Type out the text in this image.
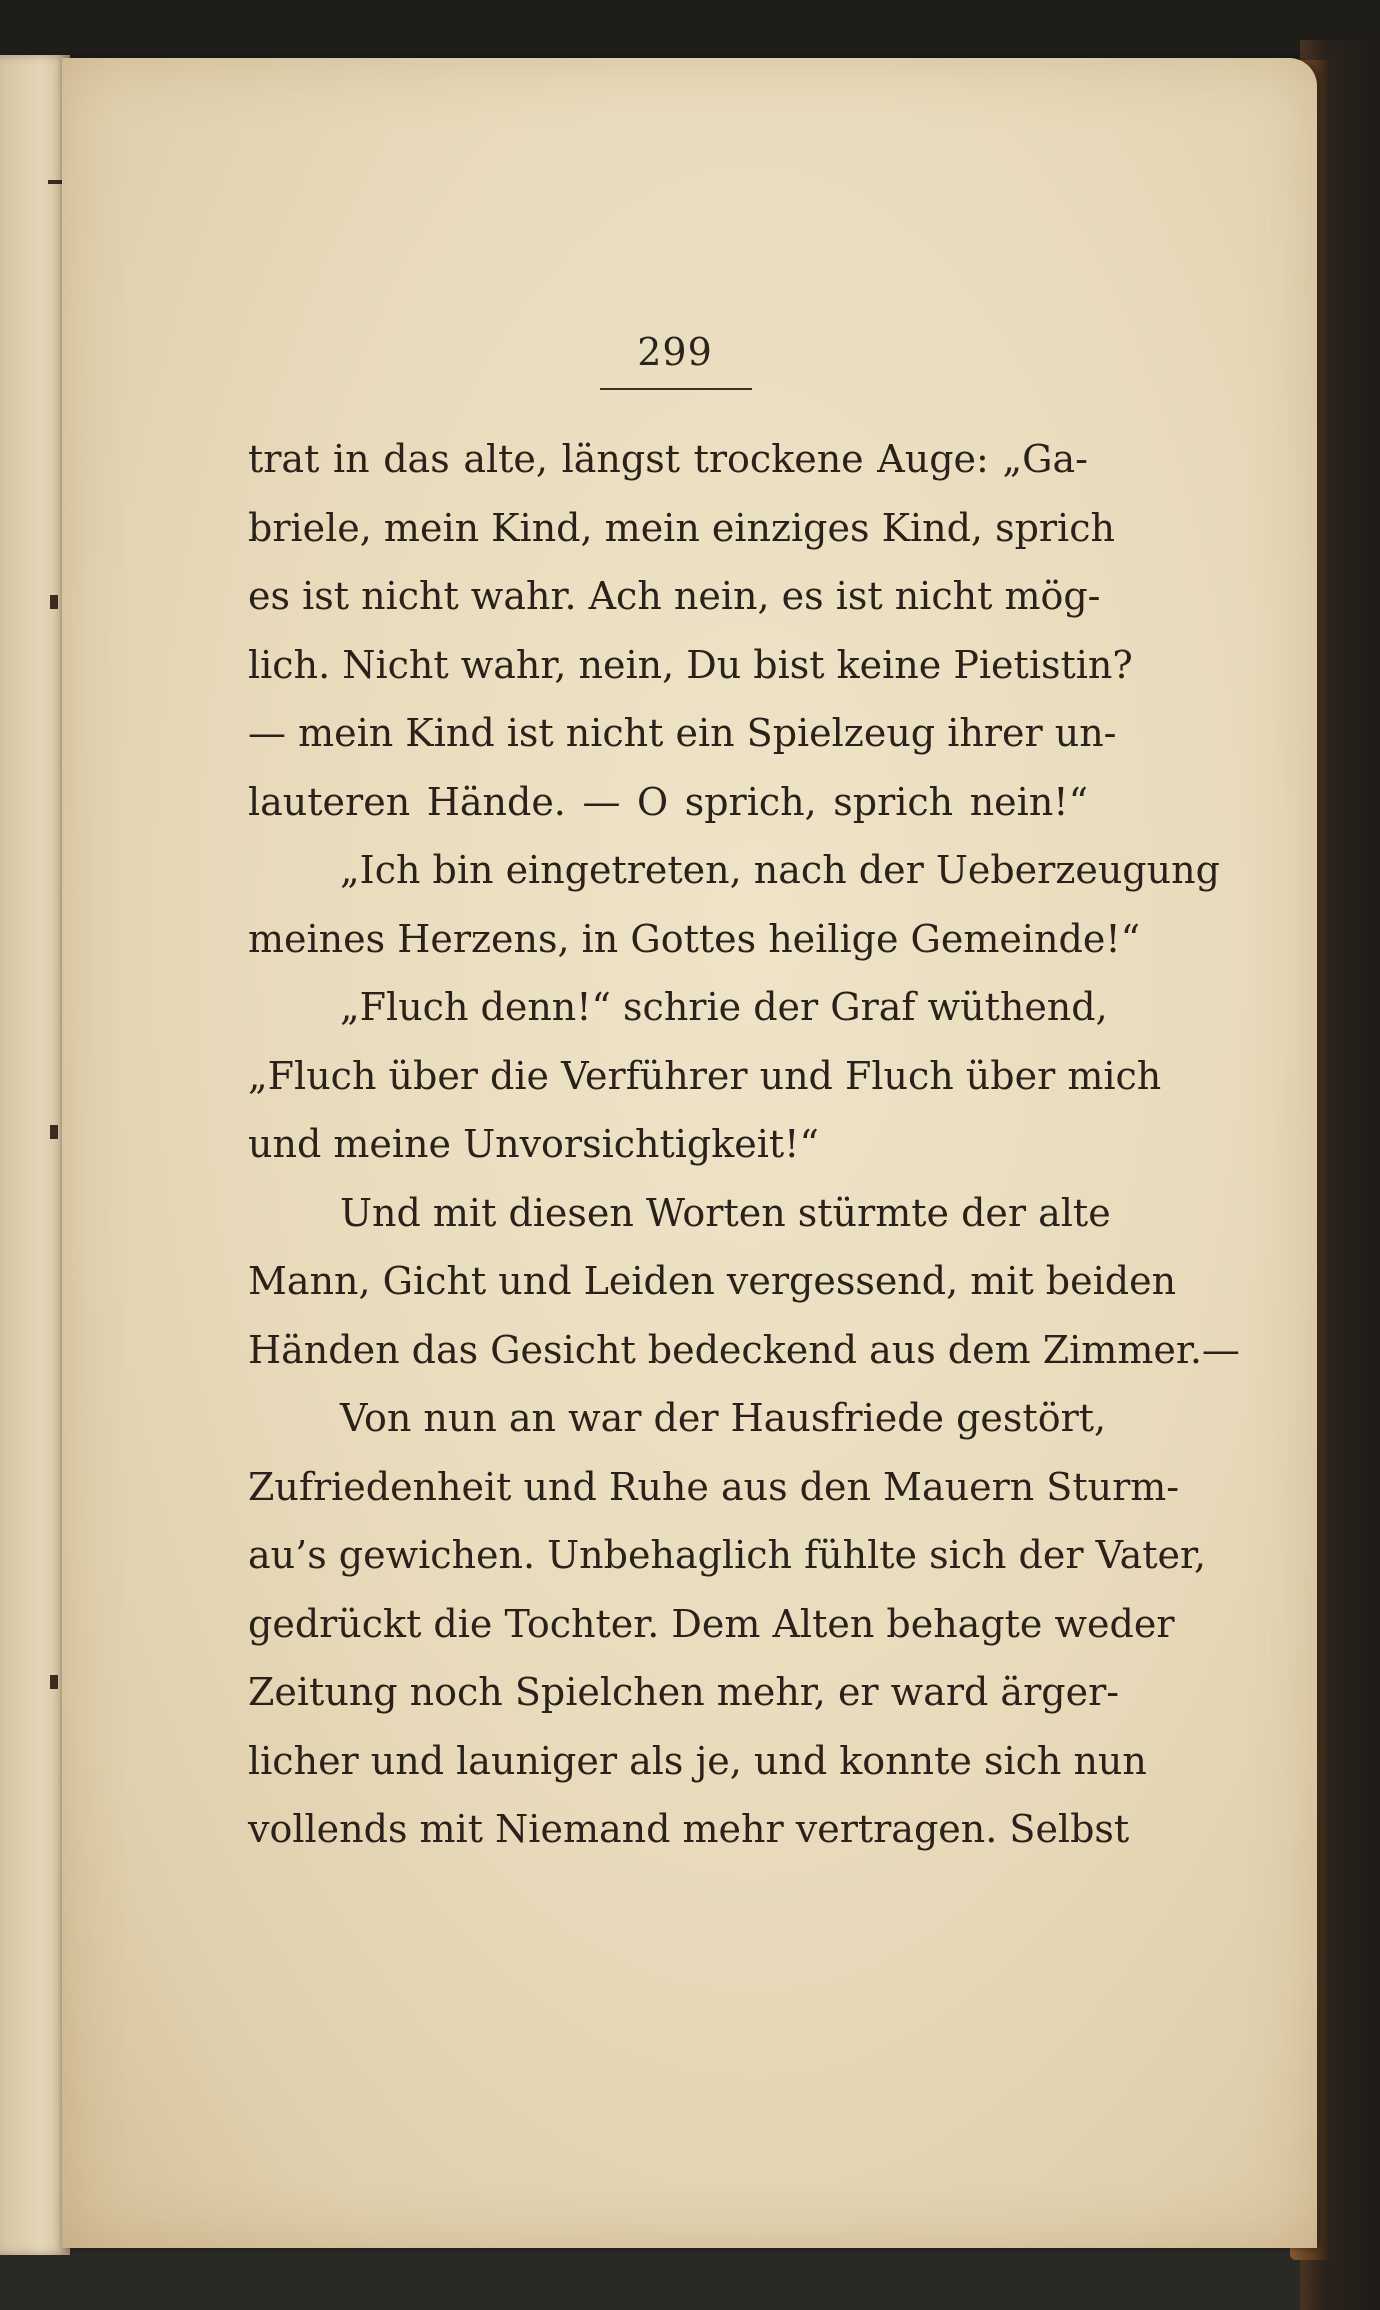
299
trat in das alte, längst trockene Auge: „Ga-
briele, mein Kind, mein einziges Kind, sprich
es ist nicht wahr. Ach nein, es ist nicht mög-
lich. Nicht wahr, nein, Du bist keine Pietistin?
— mein Kind ist nicht ein Spielzeug ihrer un-
lauteren Hände. — O sprich, sprich nein!“
„Ich bin eingetreten, nach der Ueberzeugung
meines Herzens, in Gottes heilige Gemeinde!“
„Fluch denn!“ schrie der Graf wüthend,
„Fluch über die Verführer und Fluch über mich
und meine Unvorsichtigkeit!“
Und mit diesen Worten stürmte der alte
Mann, Gicht und Leiden vergessend, mit beiden
Händen das Gesicht bedeckend aus dem Zimmer.—
Von nun an war der Hausfriede gestört,
Zufriedenheit und Ruhe aus den Mauern Sturm-
au’s gewichen. Unbehaglich fühlte sich der Vater,
gedrückt die Tochter. Dem Alten behagte weder
Zeitung noch Spielchen mehr, er ward ärger-
licher und launiger als je, und konnte sich nun
vollends mit Niemand mehr vertragen. Selbst
